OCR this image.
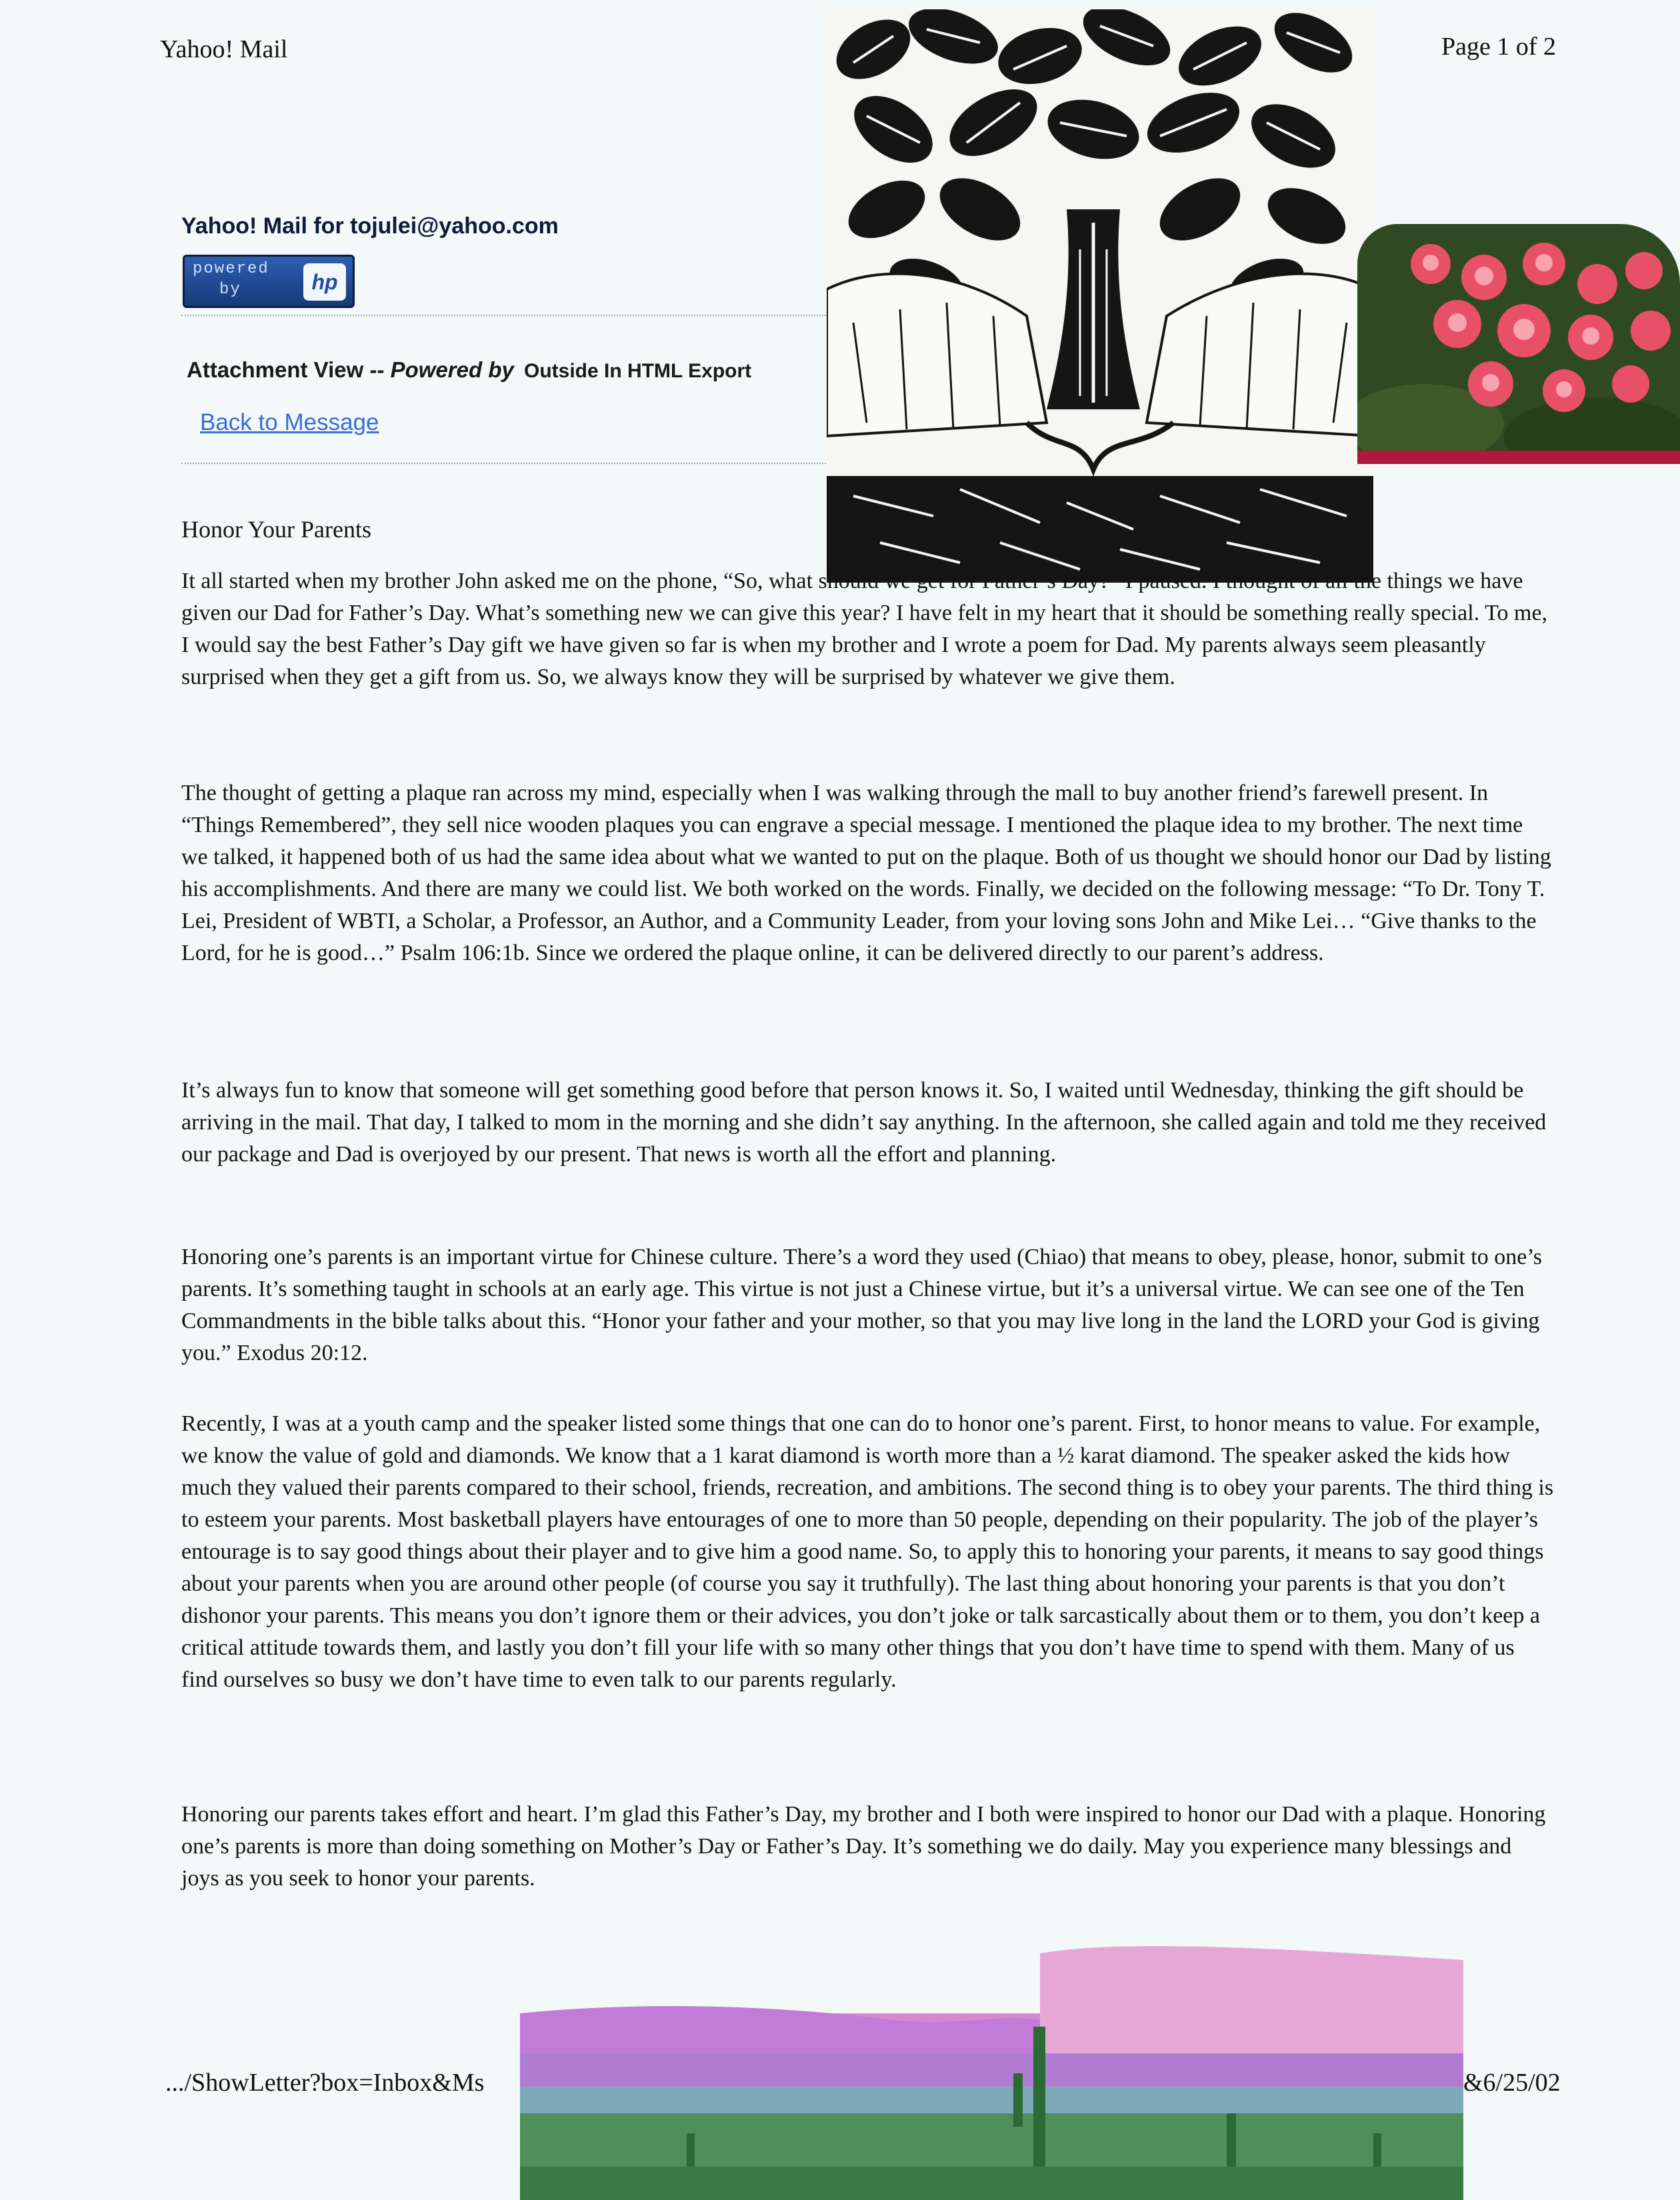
Yahoo! Mail	Page 1 of 2
Yahoo! Mail for tojulei@yahoo.com
powered
by	hp
Attachment View -- Powered by Outside In HTML Export
Back to Message
Honor Your Parents

It all started when my brother John asked me on the phone, “So, what should we get for Father’s Day?” I paused. I thought of all the things we have given our Dad for Father’s Day. What’s something new we can give this year? I have felt in my heart that it should be something really special. To me, I would say the best Father’s Day gift we have given so far is when my brother and I wrote a poem for Dad. My parents always seem pleasantly surprised when they get a gift from us. So, we always know they will be surprised by whatever we give them.

The thought of getting a plaque ran across my mind, especially when I was walking through the mall to buy another friend’s farewell present. In “Things Remembered”, they sell nice wooden plaques you can engrave a special message. I mentioned the plaque idea to my brother. The next time we talked, it happened both of us had the same idea about what we wanted to put on the plaque. Both of us thought we should honor our Dad by listing his accomplishments. And there are many we could list. We both worked on the words. Finally, we decided on the following message: “To Dr. Tony T. Lei, President of WBTI, a Scholar, a Professor, an Author, and a Community Leader, from your loving sons John and Mike Lei… “Give thanks to the Lord, for he is good…” Psalm 106:1b. Since we ordered the plaque online, it can be delivered directly to our parent’s address.

It’s always fun to know that someone will get something good before that person knows it. So, I waited until Wednesday, thinking the gift should be arriving in the mail. That day, I talked to mom in the morning and she didn’t say anything. In the afternoon, she called again and told me they received our package and Dad is overjoyed by our present. That news is worth all the effort and planning.

Honoring one’s parents is an important virtue for Chinese culture. There’s a word they used (Chiao) that means to obey, please, honor, submit to one’s parents. It’s something taught in schools at an early age. This virtue is not just a Chinese virtue, but it’s a universal virtue. We can see one of the Ten Commandments in the bible talks about this. “Honor your father and your mother, so that you may live long in the land the LORD your God is giving you.” Exodus 20:12.

Recently, I was at a youth camp and the speaker listed some things that one can do to honor one’s parent. First, to honor means to value. For example, we know the value of gold and diamonds. We know that a 1 karat diamond is worth more than a ½ karat diamond. The speaker asked the kids how much they valued their parents compared to their school, friends, recreation, and ambitions. The second thing is to obey your parents. The third thing is to esteem your parents. Most basketball players have entourages of one to more than 50 people, depending on their popularity. The job of the player’s entourage is to say good things about their player and to give him a good name. So, to apply this to honoring your parents, it means to say good things about your parents when you are around other people (of course you say it truthfully). The last thing about honoring your parents is that you don’t dishonor your parents. This means you don’t ignore them or their advices, you don’t joke or talk sarcastically about them or to them, you don’t keep a critical attitude towards them, and lastly you don’t fill your life with so many other things that you don’t have time to spend with them. Many of us find ourselves so busy we don’t have time to even talk to our parents regularly.

Honoring our parents takes effort and heart. I’m glad this Father’s Day, my brother and I both were inspired to honor our Dad with a plaque. Honoring one’s parents is more than doing something on Mother’s Day or Father’s Day. It’s something we do daily. May you experience many blessings and joys as you seek to honor your parents.

.../ShowLetter?box=Inbox&Ms	&6/25/02
